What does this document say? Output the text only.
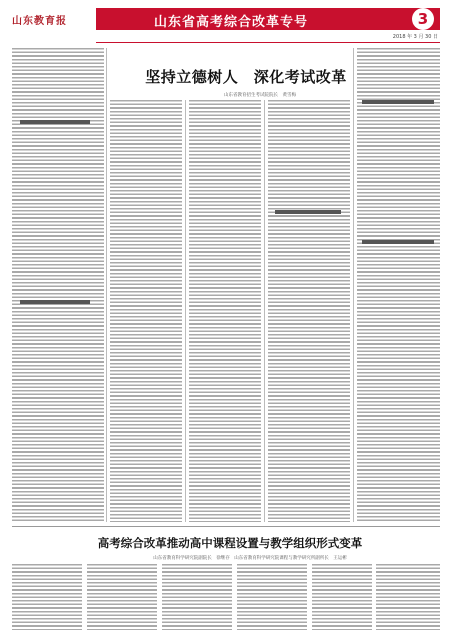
山东教育报	山东省高考综合改革专号	3
2018 年 3 月 30 日
坚持立德树人　深化考试改革
山东省教育招生考试院院长　黄雪梅
高考综合改革推动高中课程设置与教学组织形式变革
山东省教育科学研究院副院长　徐继存　山东省教育科学研究院课程与教学研究所副所长　王运彬
